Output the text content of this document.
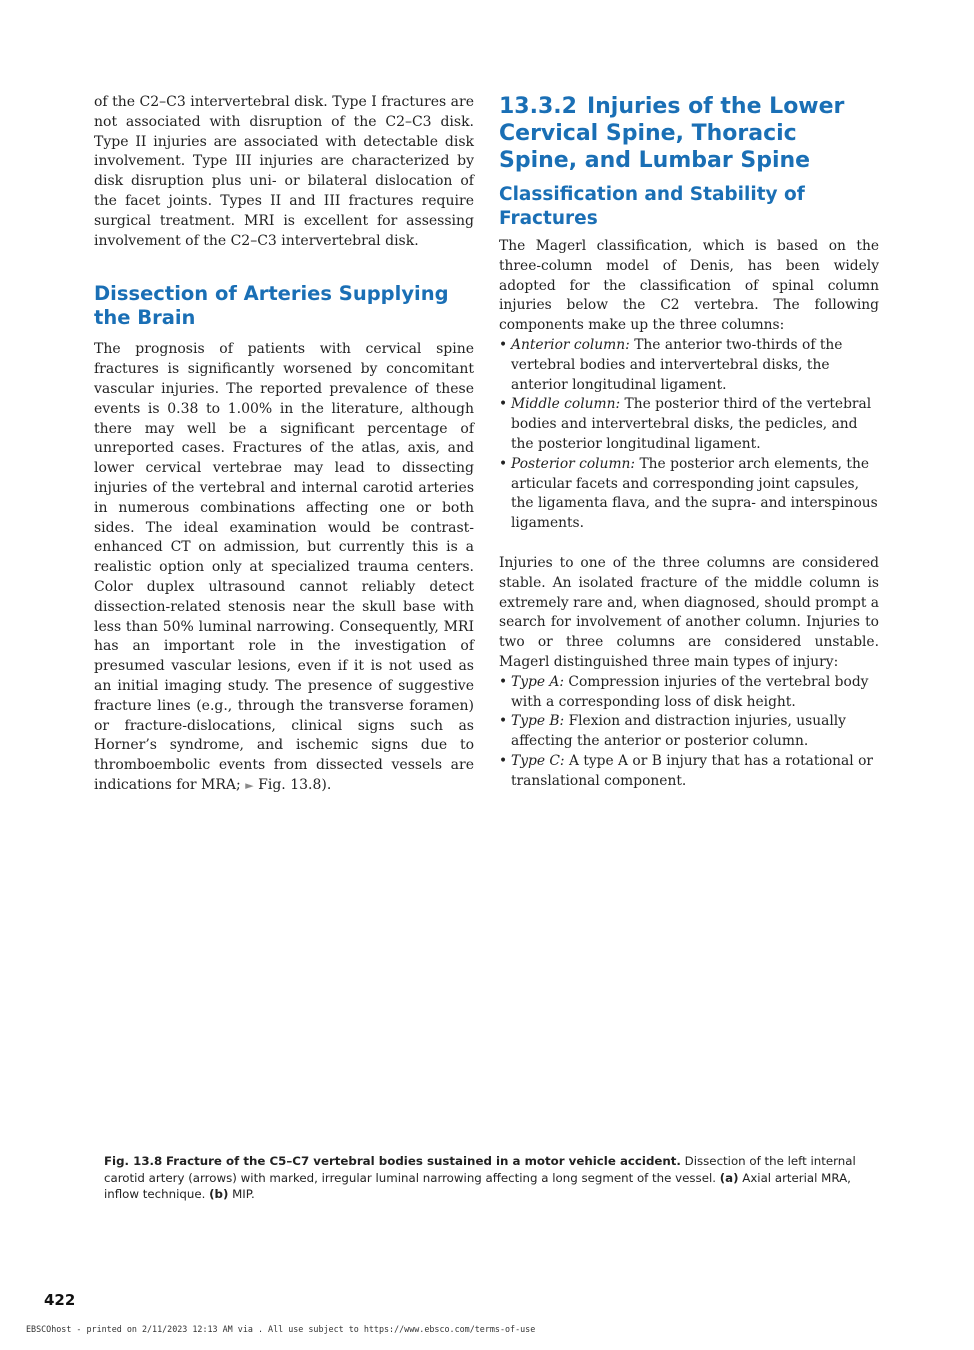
of the C2–C3 intervertebral disk. Type I fractures are not associated with disruption of the C2–C3 disk. Type II injuries are associated with detectable disk involvement. Type III injuries are characterized by disk disruption plus uni- or bilateral dislocation of the facet joints. Types II and III fractures require surgical treatment. MRI is excellent for assessing involvement of the C2–C3 intervertebral disk.

Dissection of Arteries Supplying the Brain

The prognosis of patients with cervical spine fractures is significantly worsened by concomitant vascular injuries. The reported prevalence of these events is 0.38 to 1.00% in the literature, although there may well be a significant percentage of unreported cases. Fractures of the atlas, axis, and lower cervical vertebrae may lead to dissecting injuries of the vertebral and internal carotid arteries in numerous combinations affecting one or both sides. The ideal examination would be contrast-enhanced CT on admission, but currently this is a realistic option only at specialized trauma centers. Color duplex ultrasound cannot reliably detect dissection-related stenosis near the skull base with less than 50% luminal narrowing. Consequently, MRI has an important role in the investigation of presumed vascular lesions, even if it is not used as an initial imaging study. The presence of suggestive fracture lines (e.g., through the transverse foramen) or fracture-dislocations, clinical signs such as Horner’s syndrome, and ischemic signs due to thromboembolic events from dissected vessels are indications for MRA; ► Fig. 13.8).

13.3.2 Injuries of the Lower Cervical Spine, Thoracic Spine, and Lumbar Spine
Classification and Stability of Fractures

The Magerl classification, which is based on the three-column model of Denis, has been widely adopted for the classification of spinal column injuries below the C2 vertebra. The following components make up the three columns:

• Anterior column: The anterior two-thirds of the vertebral bodies and intervertebral disks, the anterior longitudinal ligament.
• Middle column: The posterior third of the vertebral bodies and intervertebral disks, the pedicles, and the posterior longitudinal ligament.
• Posterior column: The posterior arch elements, the articular facets and corresponding joint capsules, the ligamenta flava, and the supra- and interspinous ligaments.

Injuries to one of the three columns are considered stable. An isolated fracture of the middle column is extremely rare and, when diagnosed, should prompt a search for involvement of another column. Injuries to two or three columns are considered unstable. Magerl distinguished three main types of injury:

• Type A: Compression injuries of the vertebral body with a corresponding loss of disk height.
• Type B: Flexion and distraction injuries, usually affecting the anterior or posterior column.
• Type C: A type A or B injury that has a rotational or translational component.
Fig. 13.8 Fracture of the C5–C7 vertebral bodies sustained in a motor vehicle accident. Dissection of the left internal carotid artery (arrows) with marked, irregular luminal narrowing affecting a long segment of the vessel. (a) Axial arterial MRA, inflow technique. (b) MIP.
422
EBSCOhost - printed on 2/11/2023 12:13 AM via . All use subject to https://www.ebsco.com/terms-of-use
